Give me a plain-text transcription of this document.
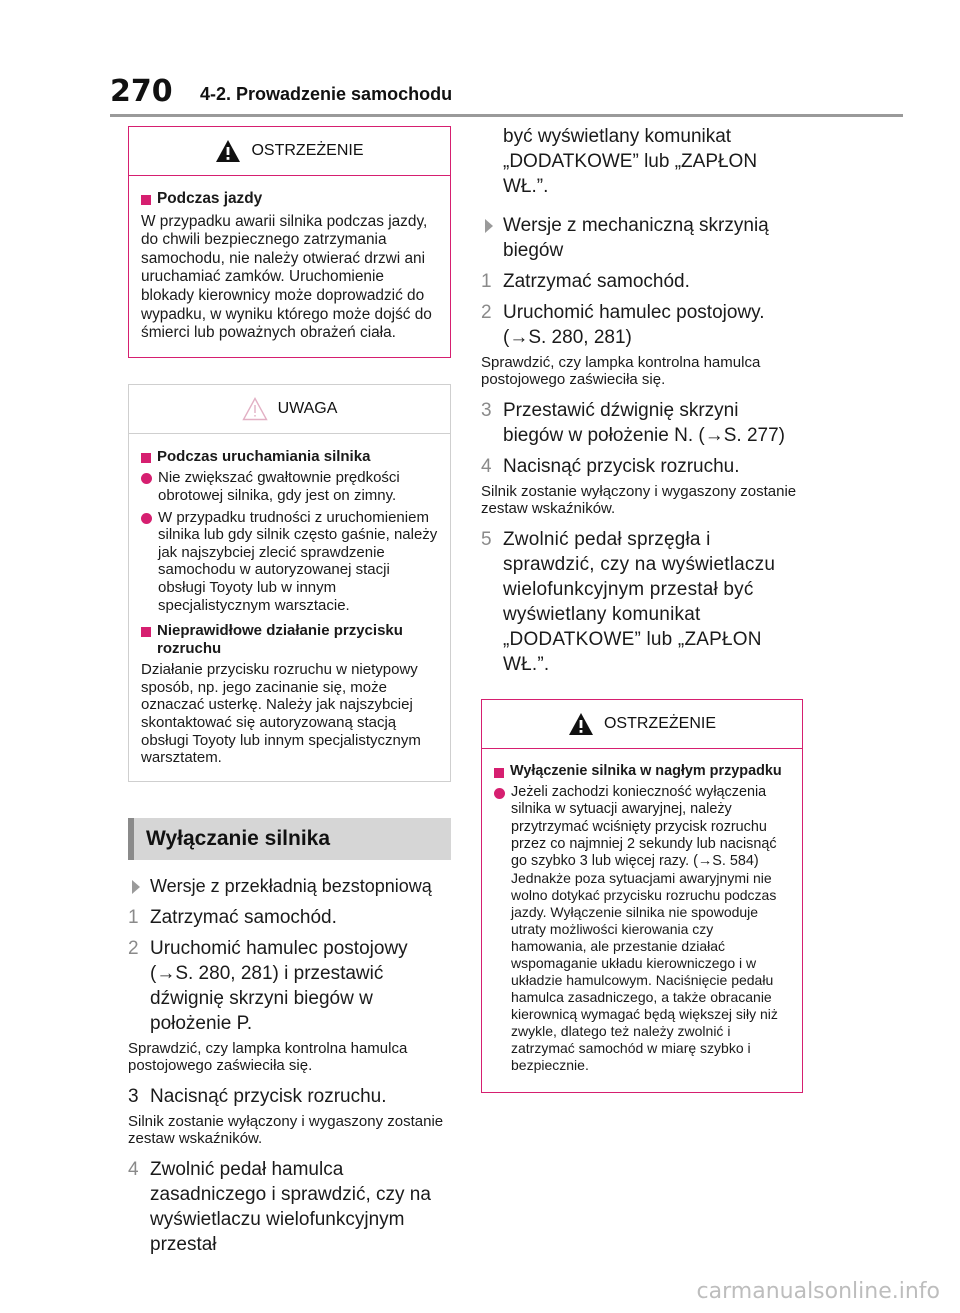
270 4-2. Prowadzenie samochodu
OSTRZEŻENIE
Podczas jazdy
W przypadku awarii silnika podczas jazdy, do chwili bezpiecznego zatrzymania samochodu, nie należy otwierać drzwi ani uruchamiać zamków. Uruchomienie blokady kierownicy może doprowadzić do wypadku, w wyniku którego może dojść do śmierci lub poważnych obrażeń ciała.
UWAGA
Podczas uruchamiania silnika
Nie zwiększać gwałtownie prędkości obrotowej silnika, gdy jest on zimny.
W przypadku trudności z uruchomieniem silnika lub gdy silnik często gaśnie, należy jak najszybciej zlecić sprawdzenie samochodu w autoryzowanej stacji obsługi Toyoty lub w innym specjalistycznym warsztacie.
Nieprawidłowe działanie przycisku rozruchu
Działanie przycisku rozruchu w nietypowy sposób, np. jego zacinanie się, może oznaczać usterkę. Należy jak najszybciej skontaktować się autoryzowaną stacją obsługi Toyoty lub innym specjalistycznym warsztatem.
Wyłączanie silnika
Wersje z przekładnią bezstopniową
1 Zatrzymać samochód.
2 Uruchomić hamulec postojowy (→S. 280, 281) i przestawić dźwignię skrzyni biegów w położenie P.
Sprawdzić, czy lampka kontrolna hamulca postojowego zaświeciła się.
3 Nacisnąć przycisk rozruchu.
Silnik zostanie wyłączony i wygaszony zostanie zestaw wskaźników.
4 Zwolnić pedał hamulca zasadniczego i sprawdzić, czy na wyświetlaczu wielofunkcyjnym przestał
być wyświetlany komunikat „DODATKOWE” lub „ZAPŁON WŁ.”.
Wersje z mechaniczną skrzynią biegów
1 Zatrzymać samochód.
2 Uruchomić hamulec postojowy. (→S. 280, 281)
Sprawdzić, czy lampka kontrolna hamulca postojowego zaświeciła się.
3 Przestawić dźwignię skrzyni biegów w położenie N. (→S. 277)
4 Nacisnąć przycisk rozruchu.
Silnik zostanie wyłączony i wygaszony zostanie zestaw wskaźników.
5 Zwolnić pedał sprzęgła i sprawdzić, czy na wyświetlaczu wielofunkcyjnym przestał być wyświetlany komunikat „DODATKOWE” lub „ZAPŁON WŁ.”.
OSTRZEŻENIE
Wyłączenie silnika w nagłym przypadku
Jeżeli zachodzi konieczność wyłączenia silnika w sytuacji awaryjnej, należy przytrzymać wciśnięty przycisk rozruchu przez co najmniej 2 sekundy lub nacisnąć go szybko 3 lub więcej razy. (→S. 584)
Jednakże poza sytuacjami awaryjnymi nie wolno dotykać przycisku rozruchu podczas jazdy. Wyłączenie silnika nie spowoduje utraty możliwości kierowania czy hamowania, ale przestanie działać wspomaganie układu kierowniczego i w układzie hamulcowym. Naciśnięcie pedału hamulca zasadniczego, a także obracanie kierownicą wymagać będą większej siły niż zwykle, dlatego też należy zwolnić i zatrzymać samochód w miarę szybko i bezpiecznie.
carmanualsonline.info
